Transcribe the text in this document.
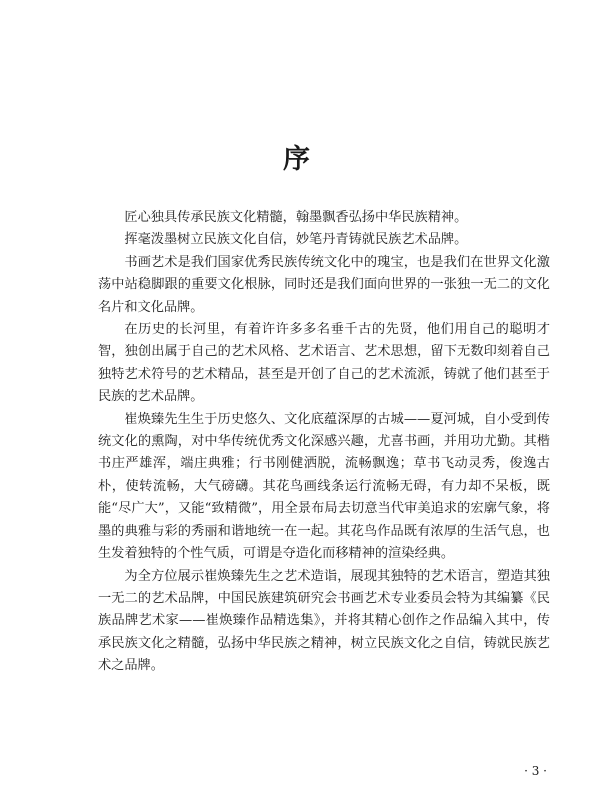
序

匠心独具传承民族文化精髓，翰墨飘香弘扬中华民族精神。

挥毫泼墨树立民族文化自信，妙笔丹青铸就民族艺术品牌。

书画艺术是我们国家优秀民族传统文化中的瑰宝，也是我们在世界文化激荡中站稳脚跟的重要文化根脉，同时还是我们面向世界的一张独一无二的文化名片和文化品牌。

在历史的长河里，有着许许多多名垂千古的先贤，他们用自己的聪明才智，独创出属于自己的艺术风格、艺术语言、艺术思想，留下无数印刻着自己独特艺术符号的艺术精品，甚至是开创了自己的艺术流派，铸就了他们甚至于民族的艺术品牌。

崔焕臻先生生于历史悠久、文化底蕴深厚的古城——夏河城，自小受到传统文化的熏陶，对中华传统优秀文化深感兴趣，尤喜书画，并用功尤勤。其楷书庄严雄浑，端庄典雅；行书刚健洒脱，流畅飘逸；草书飞动灵秀，俊逸古朴，使转流畅，大气磅礴。其花鸟画线条运行流畅无碍，有力却不呆板，既能“尽广大”，又能“致精微”，用全景布局去切意当代审美追求的宏廓气象，将墨的典雅与彩的秀丽和谐地统一在一起。其花鸟作品既有浓厚的生活气息，也生发着独特的个性气质，可谓是夺造化而移精神的渲染经典。

为全方位展示崔焕臻先生之艺术造诣，展现其独特的艺术语言，塑造其独一无二的艺术品牌，中国民族建筑研究会书画艺术专业委员会特为其编纂《民族品牌艺术家——崔焕臻作品精选集》，并将其精心创作之作品编入其中，传承民族文化之精髓，弘扬中华民族之精神，树立民族文化之自信，铸就民族艺术之品牌。

· 3 ·
